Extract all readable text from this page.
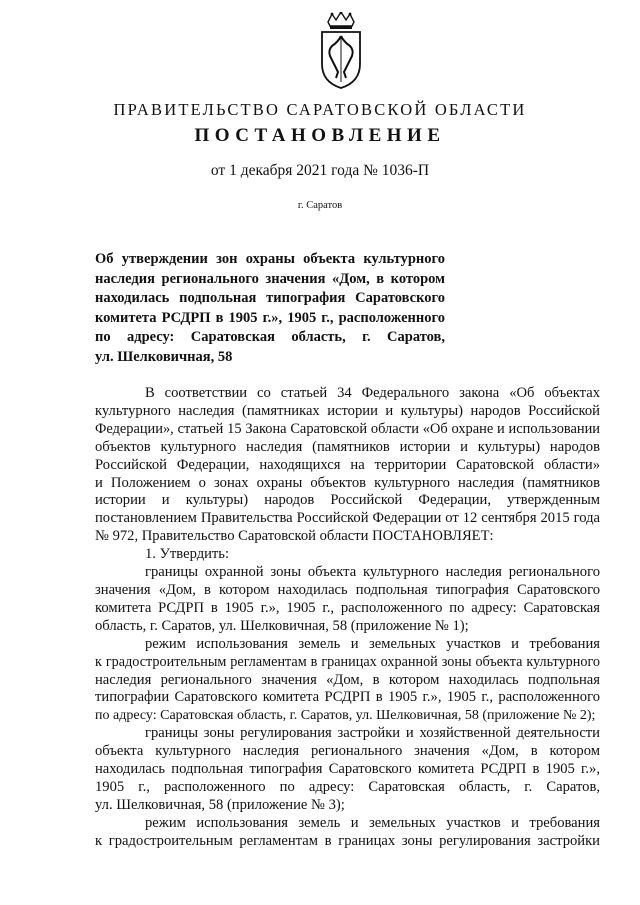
ПРАВИТЕЛЬСТВО САРАТОВСКОЙ ОБЛАСТИ
ПОСТАНОВЛЕНИЕ
от 1 декабря 2021 года № 1036-П
г. Саратов
Об утверждении зон охраны объекта культурного
наследия регионального значения «Дом, в котором
находилась подпольная типография Саратовского
комитета РСДРП в 1905 г.», 1905 г., расположенного
по адресу: Саратовская область, г. Саратов,
ул. Шелковичная, 58
В соответствии со статьей 34 Федерального закона «Об объектах
культурного наследия (памятниках истории и культуры) народов Российской
Федерации», статьей 15 Закона Саратовской области «Об охране и использовании
объектов культурного наследия (памятников истории и культуры) народов
Российской Федерации, находящихся на территории Саратовской области»
и Положением о зонах охраны объектов культурного наследия (памятников
истории и культуры) народов Российской Федерации, утвержденным
постановлением Правительства Российской Федерации от 12 сентября 2015 года
№ 972, Правительство Саратовской области ПОСТАНОВЛЯЕТ:
1. Утвердить:
границы охранной зоны объекта культурного наследия регионального
значения «Дом, в котором находилась подпольная типография Саратовского
комитета РСДРП в 1905 г.», 1905 г., расположенного по адресу: Саратовская
область, г. Саратов, ул. Шелковичная, 58 (приложение № 1);
режим использования земель и земельных участков и требования
к градостроительным регламентам в границах охранной зоны объекта культурного
наследия регионального значения «Дом, в котором находилась подпольная
типографии Саратовского комитета РСДРП в 1905 г.», 1905 г., расположенного
по адресу: Саратовская область, г. Саратов, ул. Шелковичная, 58 (приложение № 2);
границы зоны регулирования застройки и хозяйственной деятельности
объекта культурного наследия регионального значения «Дом, в котором
находилась подпольная типография Саратовского комитета РСДРП в 1905 г.»,
1905 г., расположенного по адресу: Саратовская область, г. Саратов,
ул. Шелковичная, 58 (приложение № 3);
режим использования земель и земельных участков и требования
к градостроительным регламентам в границах зоны регулирования застройки
